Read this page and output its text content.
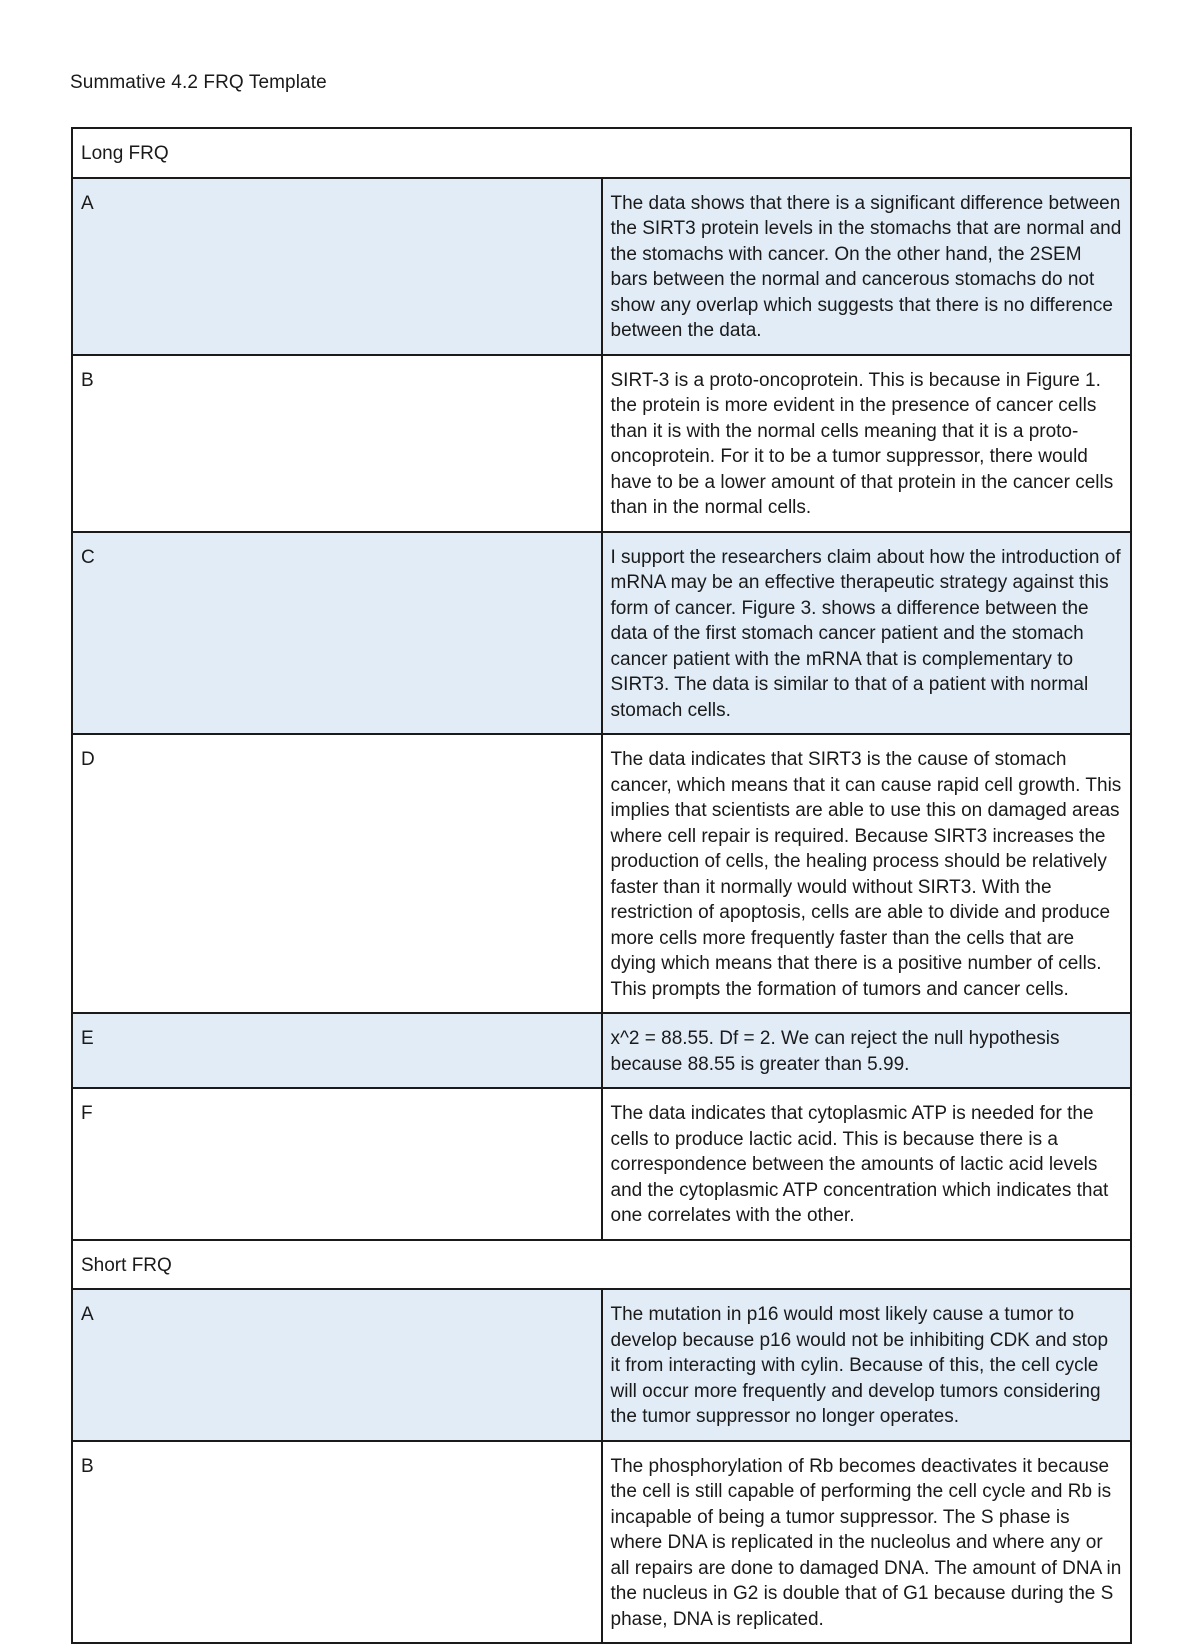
Summative 4.2 FRQ Template
Long FRQ	
A	The data shows that there is a significant difference between the SIRT3 protein levels in the stomachs that are normal and the stomachs with cancer. On the other hand, the 2SEM bars between the normal and cancerous stomachs do not show any overlap which suggests that there is no difference between the data.
B	SIRT-3 is a proto-oncoprotein. This is because in Figure 1. the protein is more evident in the presence of cancer cells than it is with the normal cells meaning that it is a proto-oncoprotein. For it to be a tumor suppressor, there would have to be a lower amount of that protein in the cancer cells than in the normal cells.
C	I support the researchers claim about how the introduction of mRNA may be an effective therapeutic strategy against this form of cancer. Figure 3. shows a difference between the data of the first stomach cancer patient and the stomach cancer patient with the mRNA that is complementary to SIRT3. The data is similar to that of a patient with normal stomach cells.
D	The data indicates that SIRT3 is the cause of stomach cancer, which means that it can cause rapid cell growth. This implies that scientists are able to use this on damaged areas where cell repair is required. Because SIRT3 increases the production of cells, the healing process should be relatively faster than it normally would without SIRT3. With the restriction of apoptosis, cells are able to divide and produce more cells more frequently faster than the cells that are dying which means that there is a positive number of cells. This prompts the formation of tumors and cancer cells.
E	x^2 = 88.55. Df = 2. We can reject the null hypothesis because 88.55 is greater than 5.99.
F	The data indicates that cytoplasmic ATP is needed for the cells to produce lactic acid. This is because there is a correspondence between the amounts of lactic acid levels and the cytoplasmic ATP concentration which indicates that one correlates with the other.
Short FRQ	
A	The mutation in p16 would most likely cause a tumor to develop because p16 would not be inhibiting CDK and stop it from interacting with cylin. Because of this, the cell cycle will occur more frequently and develop tumors considering the tumor suppressor no longer operates.
B	The phosphorylation of Rb becomes deactivates it because the cell is still capable of performing the cell cycle and Rb is incapable of being a tumor suppressor. The S phase is where DNA is replicated in the nucleolus and where any or all repairs are done to damaged DNA. The amount of DNA in the nucleus in G2 is double that of G1 because during the S phase, DNA is replicated.
